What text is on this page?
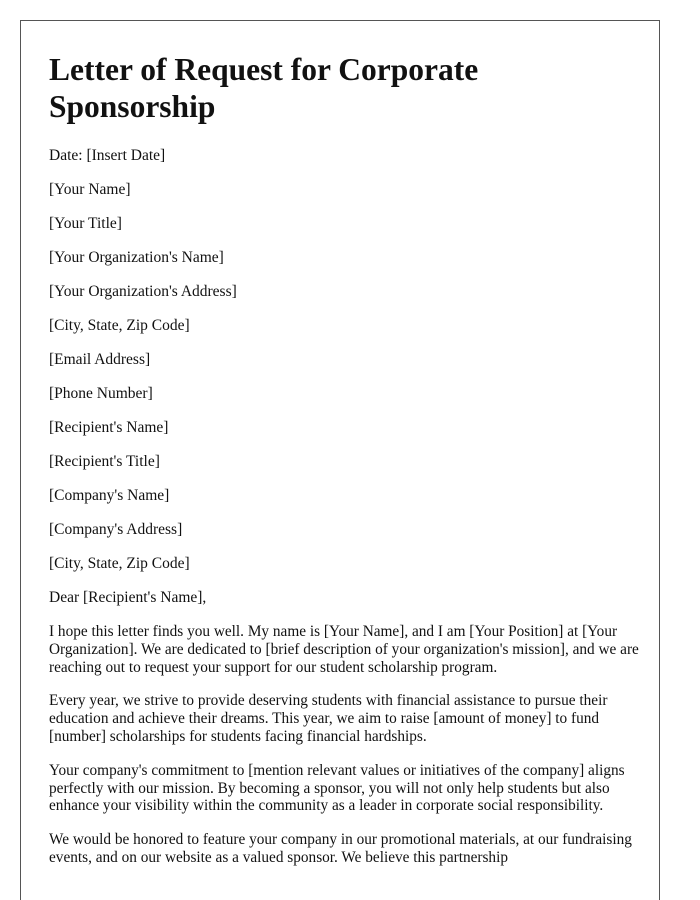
Letter of Request for Corporate Sponsorship

Date: [Insert Date]

[Your Name]

[Your Title]

[Your Organization's Name]

[Your Organization's Address]

[City, State, Zip Code]

[Email Address]

[Phone Number]

[Recipient's Name]

[Recipient's Title]

[Company's Name]

[Company's Address]

[City, State, Zip Code]

Dear [Recipient's Name],

I hope this letter finds you well. My name is [Your Name], and I am [Your Position] at [Your Organization]. We are dedicated to [brief description of your organization's mission], and we are reaching out to request your support for our student scholarship program.

Every year, we strive to provide deserving students with financial assistance to pursue their education and achieve their dreams. This year, we aim to raise [amount of money] to fund [number] scholarships for students facing financial hardships.

Your company's commitment to [mention relevant values or initiatives of the company] aligns perfectly with our mission. By becoming a sponsor, you will not only help students but also enhance your visibility within the community as a leader in corporate social responsibility.

We would be honored to feature your company in our promotional materials, at our fundraising events, and on our website as a valued sponsor. We believe this partnership
